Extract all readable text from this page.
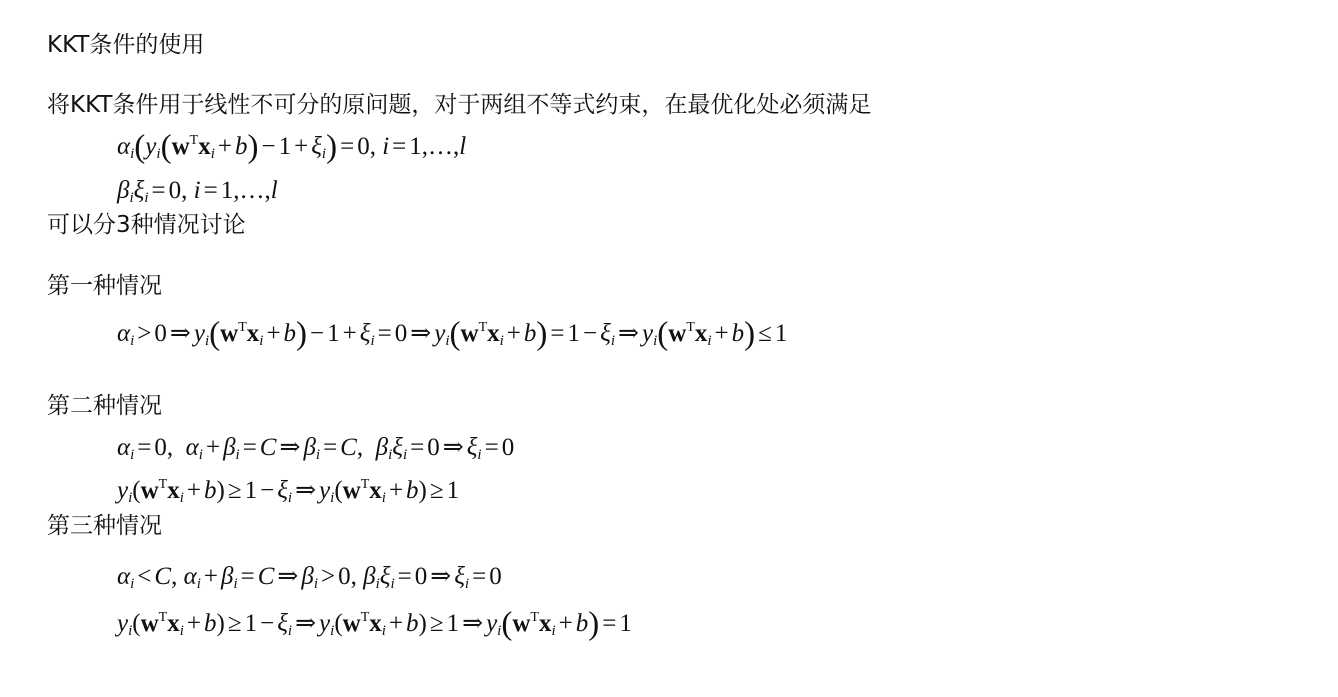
KKT条件的使用
将KKT条件用于线性不可分的原问题，对于两组不等式约束，在最优化处必须满足
$\alpha_i(y_i(w^Tx_i + b) - 1 + \xi_i) = 0$, i = 1,…,l
$\beta_i\xi_i = 0$, i = 1,…,l
可以分3种情况讨论
第一种情况
$\alpha_i > 0$ ⇒ $y_i(w^Tx_i + b) - 1 + \xi_i = 0$ ⇒ $y_i(w^Tx_i + b) = 1 - \xi_i$ ⇒ $y_i(w^Tx_i + b) \le 1$
第二种情况
$\alpha_i = 0$,  $\alpha_i + \beta_i = C$ ⇒ $\beta_i = C$,  $\beta_i\xi_i = 0$ ⇒ $\xi_i = 0$
$y_i(w^Tx_i + b) \ge 1 - \xi_i$ ⇒ $y_i(w^Tx_i + b) \ge 1$
第三种情况
$\alpha_i < C$, $\alpha_i + \beta_i = C$ ⇒ $\beta_i > 0$, $\beta_i\xi_i = 0$ ⇒ $\xi_i = 0$
$y_i(w^Tx_i + b) \ge 1 - \xi_i$ ⇒ $y_i(w^Tx_i + b) \ge 1$ ⇒ $y_i(w^Tx_i + b) = 1$
